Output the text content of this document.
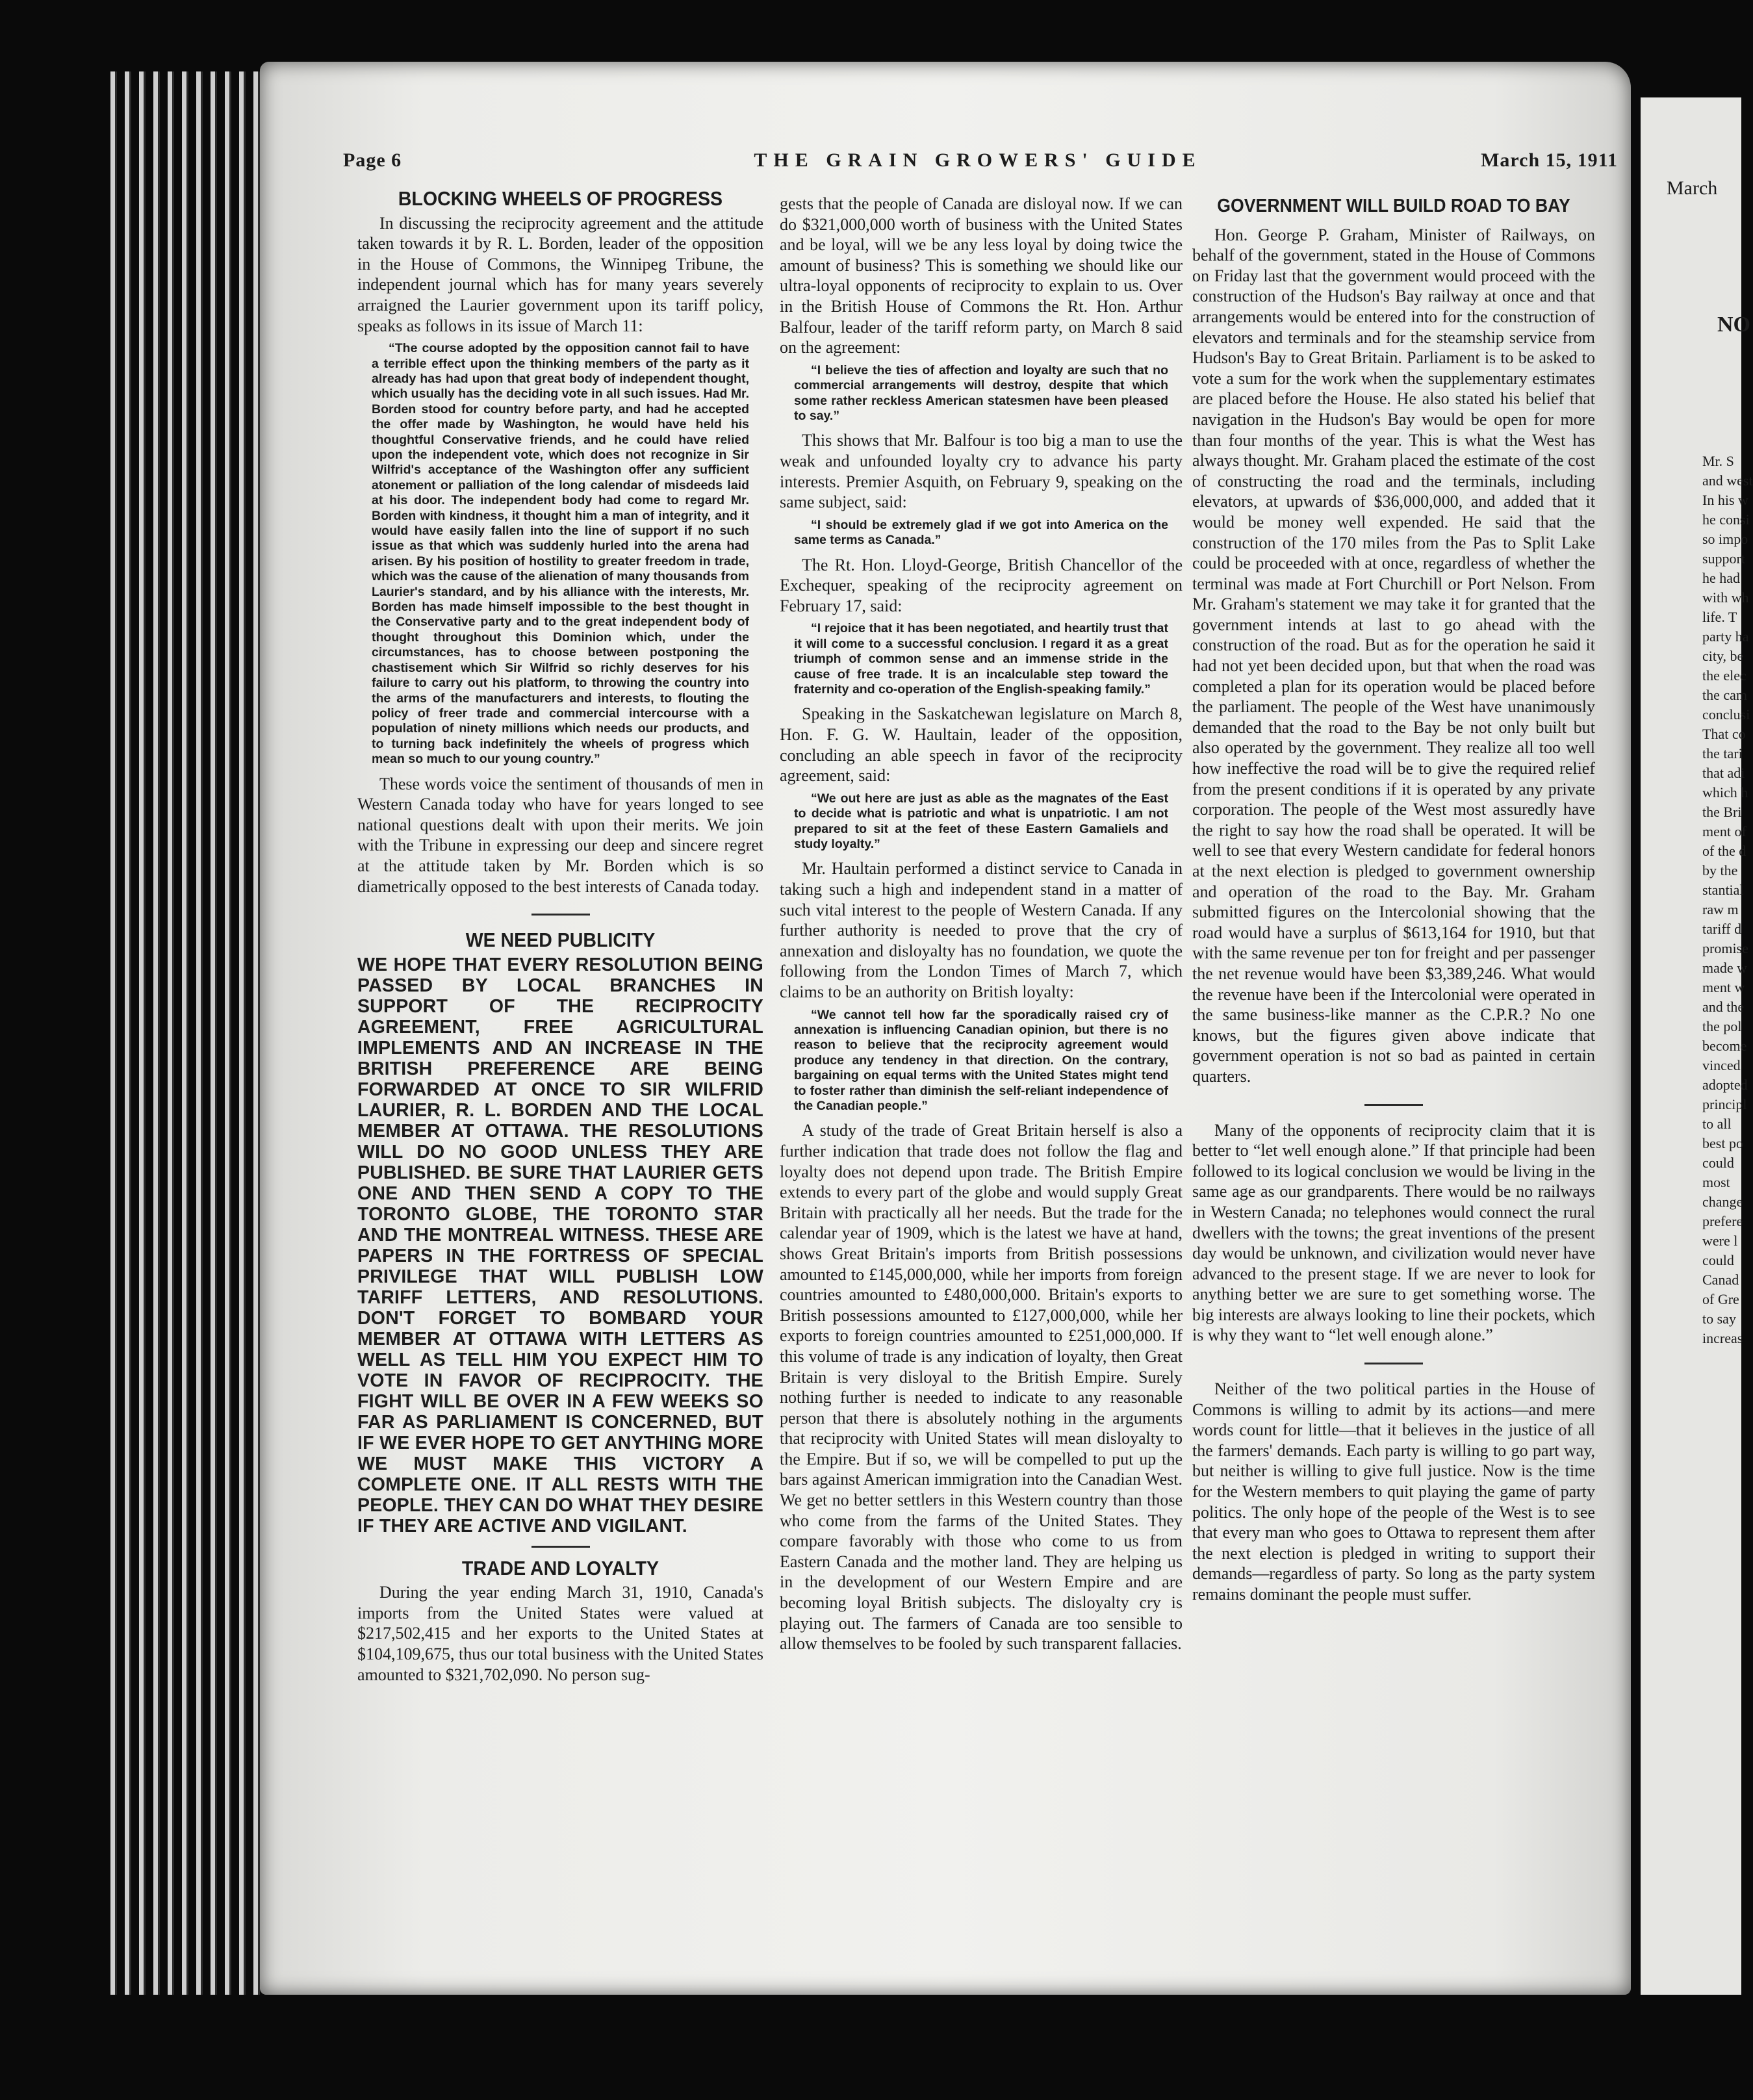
March
NO
Mr. S
and west
In his w
he consi
so impo
support
he had
with wh
life. T
party ha
city, be
the elec
the cam
conclusi
That co
the tari
that adi
which h
the Bri
ment of
of the d
by the
stantial
raw m
tariff d
promise
made w
ment w
and the
the pol
become
vinced
adopted
principl
to all
best po
could
most
change
prefere
were l
could
Canad
of Gre
to say
increas
Page 6	THE GRAIN GROWERS' GUIDE	March 15, 1911
BLOCKING WHEELS OF PROGRESS

In discussing the reciprocity agreement and the attitude taken towards it by R. L. Borden, leader of the opposition in the House of Commons, the Winnipeg Tribune, the independent journal which has for many years severely arraigned the Laurier government upon its tariff policy, speaks as follows in its issue of March 11:

“The course adopted by the opposition cannot fail to have a terrible effect upon the thinking members of the party as it already has had upon that great body of independent thought, which usually has the deciding vote in all such issues. Had Mr. Borden stood for country before party, and had he accepted the offer made by Washington, he would have held his thoughtful Conservative friends, and he could have relied upon the independent vote, which does not recognize in Sir Wilfrid's acceptance of the Washington offer any sufficient atonement or palliation of the long calendar of misdeeds laid at his door. The independent body had come to regard Mr. Borden with kindness, it thought him a man of integrity, and it would have easily fallen into the line of support if no such issue as that which was suddenly hurled into the arena had arisen. By his position of hostility to greater freedom in trade, which was the cause of the alienation of many thousands from Laurier's standard, and by his alliance with the interests, Mr. Borden has made himself impossible to the best thought in the Conservative party and to the great independent body of thought throughout this Dominion which, under the circumstances, has to choose between postponing the chastisement which Sir Wilfrid so richly deserves for his failure to carry out his platform, to throwing the country into the arms of the manufacturers and interests, to flouting the policy of freer trade and commercial intercourse with a population of ninety millions which needs our products, and to turning back indefinitely the wheels of progress which mean so much to our young country.”

These words voice the sentiment of thousands of men in Western Canada today who have for years longed to see national questions dealt with upon their merits. We join with the Tribune in expressing our deep and sincere regret at the attitude taken by Mr. Borden which is so diametrically opposed to the best interests of Canada today.

WE NEED PUBLICITY
WE HOPE THAT EVERY RESOLUTION BEING PASSED BY LOCAL BRANCHES IN SUPPORT OF THE RECIPROCITY AGREEMENT, FREE AGRICULTURAL IMPLEMENTS AND AN INCREASE IN THE BRITISH PREFERENCE ARE BEING FORWARDED AT ONCE TO SIR WILFRID LAURIER, R. L. BORDEN AND THE LOCAL MEMBER AT OTTAWA. THE RESOLUTIONS WILL DO NO GOOD UNLESS THEY ARE PUBLISHED. BE SURE THAT LAURIER GETS ONE AND THEN SEND A COPY TO THE TORONTO GLOBE, THE TORONTO STAR AND THE MONTREAL WITNESS. THESE ARE PAPERS IN THE FORTRESS OF SPECIAL PRIVILEGE THAT WILL PUBLISH LOW TARIFF LETTERS, AND RESOLUTIONS. DON'T FORGET TO BOMBARD YOUR MEMBER AT OTTAWA WITH LETTERS AS WELL AS TELL HIM YOU EXPECT HIM TO VOTE IN FAVOR OF RECIPROCITY. THE FIGHT WILL BE OVER IN A FEW WEEKS SO FAR AS PARLIAMENT IS CONCERNED, BUT IF WE EVER HOPE TO GET ANYTHING MORE WE MUST MAKE THIS VICTORY A COMPLETE ONE. IT ALL RESTS WITH THE PEOPLE. THEY CAN DO WHAT THEY DESIRE IF THEY ARE ACTIVE AND VIGILANT.
TRADE AND LOYALTY

During the year ending March 31, 1910, Canada's imports from the United States were valued at $217,502,415 and her exports to the United States at $104,109,675, thus our total business with the United States amounted to $321,702,090. No person sug-

gests that the people of Canada are disloyal now. If we can do $321,000,000 worth of business with the United States and be loyal, will we be any less loyal by doing twice the amount of business? This is something we should like our ultra-loyal opponents of reciprocity to explain to us. Over in the British House of Commons the Rt. Hon. Arthur Balfour, leader of the tariff reform party, on March 8 said on the agreement:

“I believe the ties of affection and loyalty are such that no commercial arrangements will destroy, despite that which some rather reckless American statesmen have been pleased to say.”

This shows that Mr. Balfour is too big a man to use the weak and unfounded loyalty cry to advance his party interests. Premier Asquith, on February 9, speaking on the same subject, said:

“I should be extremely glad if we got into America on the same terms as Canada.”

The Rt. Hon. Lloyd-George, British Chancellor of the Exchequer, speaking of the reciprocity agreement on February 17, said:

“I rejoice that it has been negotiated, and heartily trust that it will come to a successful conclusion. I regard it as a great triumph of common sense and an immense stride in the cause of free trade. It is an incalculable step toward the fraternity and co-operation of the English-speaking family.”

Speaking in the Saskatchewan legislature on March 8, Hon. F. G. W. Haultain, leader of the opposition, concluding an able speech in favor of the reciprocity agreement, said:

“We out here are just as able as the magnates of the East to decide what is patriotic and what is unpatriotic. I am not prepared to sit at the feet of these Eastern Gamaliels and study loyalty.”

Mr. Haultain performed a distinct service to Canada in taking such a high and independent stand in a matter of such vital interest to the people of Western Canada. If any further authority is needed to prove that the cry of annexation and disloyalty has no foundation, we quote the following from the London Times of March 7, which claims to be an authority on British loyalty:

“We cannot tell how far the sporadically raised cry of annexation is influencing Canadian opinion, but there is no reason to believe that the reciprocity agreement would produce any tendency in that direction. On the contrary, bargaining on equal terms with the United States might tend to foster rather than diminish the self-reliant independence of the Canadian people.”

A study of the trade of Great Britain herself is also a further indication that trade does not follow the flag and loyalty does not depend upon trade. The British Empire extends to every part of the globe and would supply Great Britain with practically all her needs. But the trade for the calendar year of 1909, which is the latest we have at hand, shows Great Britain's imports from British possessions amounted to £145,000,000, while her imports from foreign countries amounted to £480,000,000. Britain's exports to British possessions amounted to £127,000,000, while her exports to foreign countries amounted to £251,000,000. If this volume of trade is any indication of loyalty, then Great Britain is very disloyal to the British Empire. Surely nothing further is needed to indicate to any reasonable person that there is absolutely nothing in the arguments that reciprocity with United States will mean disloyalty to the Empire. But if so, we will be compelled to put up the bars against American immigration into the Canadian West. We get no better settlers in this Western country than those who come from the farms of the United States. They compare favorably with those who come to us from Eastern Canada and the mother land. They are helping us in the development of our Western Empire and are becoming loyal British subjects. The disloyalty cry is playing out. The farmers of Canada are too sensible to allow themselves to be fooled by such transparent fallacies.

GOVERNMENT WILL BUILD ROAD TO BAY

Hon. George P. Graham, Minister of Railways, on behalf of the government, stated in the House of Commons on Friday last that the government would proceed with the construction of the Hudson's Bay railway at once and that arrangements would be entered into for the construction of elevators and terminals and for the steamship service from Hudson's Bay to Great Britain. Parliament is to be asked to vote a sum for the work when the supplementary estimates are placed before the House. He also stated his belief that navigation in the Hudson's Bay would be open for more than four months of the year. This is what the West has always thought. Mr. Graham placed the estimate of the cost of constructing the road and the terminals, including elevators, at upwards of $36,000,000, and added that it would be money well expended. He said that the construction of the 170 miles from the Pas to Split Lake could be proceeded with at once, regardless of whether the terminal was made at Fort Churchill or Port Nelson. From Mr. Graham's statement we may take it for granted that the government intends at last to go ahead with the construction of the road. But as for the operation he said it had not yet been decided upon, but that when the road was completed a plan for its operation would be placed before the parliament. The people of the West have unanimously demanded that the road to the Bay be not only built but also operated by the government. They realize all too well how ineffective the road will be to give the required relief from the present conditions if it is operated by any private corporation. The people of the West most assuredly have the right to say how the road shall be operated. It will be well to see that every Western candidate for federal honors at the next election is pledged to government ownership and operation of the road to the Bay. Mr. Graham submitted figures on the Intercolonial showing that the road would have a surplus of $613,164 for 1910, but that with the same revenue per ton for freight and per passenger the net revenue would have been $3,389,246. What would the revenue have been if the Intercolonial were operated in the same business-like manner as the C.P.R.? No one knows, but the figures given above indicate that government operation is not so bad as painted in certain quarters.

Many of the opponents of reciprocity claim that it is better to “let well enough alone.” If that principle had been followed to its logical conclusion we would be living in the same age as our grandparents. There would be no railways in Western Canada; no telephones would connect the rural dwellers with the towns; the great inventions of the present day would be unknown, and civilization would never have advanced to the present stage. If we are never to look for anything better we are sure to get something worse. The big interests are always looking to line their pockets, which is why they want to “let well enough alone.”

Neither of the two political parties in the House of Commons is willing to admit by its actions—and mere words count for little—that it believes in the justice of all the farmers' demands. Each party is willing to go part way, but neither is willing to give full justice. Now is the time for the Western members to quit playing the game of party politics. The only hope of the people of the West is to see that every man who goes to Ottawa to represent them after the next election is pledged in writing to support their demands—regardless of party. So long as the party system remains dominant the people must suffer.
